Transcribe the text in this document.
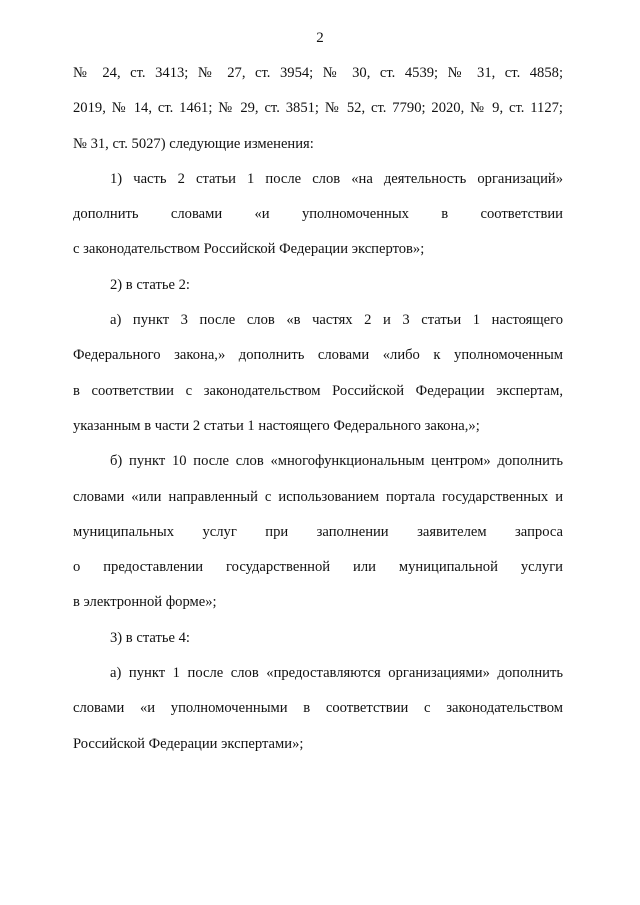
2
№ 24, ст. 3413; № 27, ст. 3954; № 30, ст. 4539; № 31, ст. 4858;
2019, № 14, ст. 1461; № 29, ст. 3851; № 52, ст. 7790; 2020, № 9, ст. 1127;
№ 31, ст. 5027) следующие изменения:
1) часть 2 статьи 1 после слов «на деятельность организаций»
дополнить словами «и уполномоченных в соответствии
с законодательством Российской Федерации экспертов»;
2) в статье 2:
а) пункт 3 после слов «в частях 2 и 3 статьи 1 настоящего
Федерального закона,» дополнить словами «либо к уполномоченным
в соответствии с законодательством Российской Федерации экспертам,
указанным в части 2 статьи 1 настоящего Федерального закона,»;
б) пункт 10 после слов «многофункциональным центром» дополнить
словами «или направленный с использованием портала государственных и
муниципальных услуг при заполнении заявителем запроса
о предоставлении государственной или муниципальной услуги
в электронной форме»;
3) в статье 4:
а) пункт 1 после слов «предоставляются организациями» дополнить
словами «и уполномоченными в соответствии с законодательством
Российской Федерации экспертами»;
